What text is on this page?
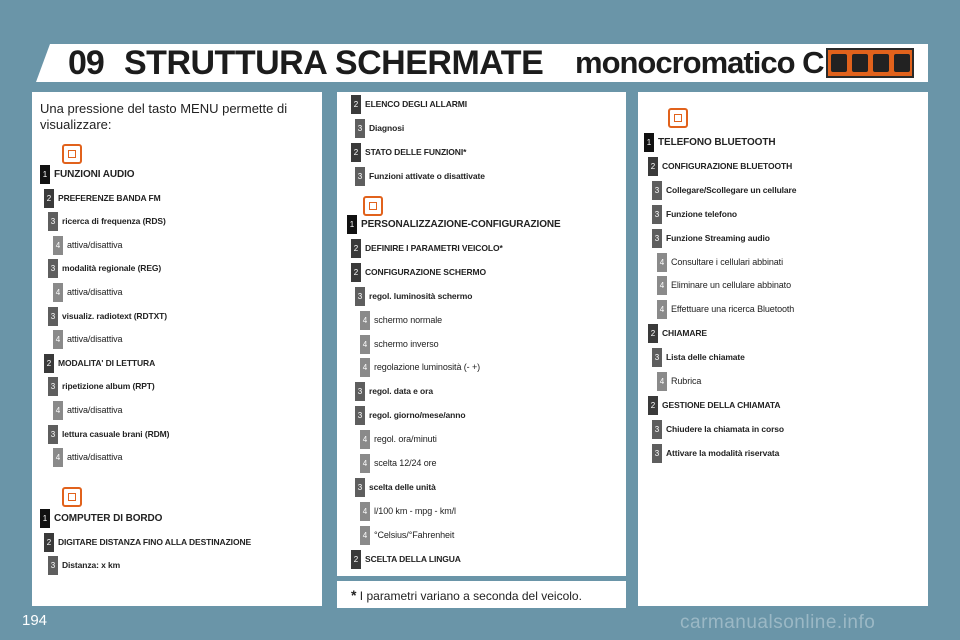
09 STRUTTURA SCHERMATE monocromatico C
Una pressione del tasto MENU permette di visualizzare:
1 FUNZIONI AUDIO
2 PREFERENZE BANDA FM
3 ricerca di frequenza (RDS)
4 attiva/disattiva
3 modalità regionale (REG)
4 attiva/disattiva
3 visualiz. radiotext (RDTXT)
4 attiva/disattiva
2 MODALITA' DI LETTURA
3 ripetizione album (RPT)
4 attiva/disattiva
3 lettura casuale brani (RDM)
4 attiva/disattiva
1 COMPUTER DI BORDO
2 DIGITARE DISTANZA FINO ALLA DESTINAZIONE
3 Distanza: x km
2 ELENCO DEGLI ALLARMI
3 Diagnosi
2 STATO DELLE FUNZIONI*
3 Funzioni attivate o disattivate
1 PERSONALIZZAZIONE-CONFIGURAZIONE
2 DEFINIRE I PARAMETRI VEICOLO*
2 CONFIGURAZIONE SCHERMO
3 regol. luminosità schermo
4 schermo normale
4 schermo inverso
4 regolazione luminosità (- +)
3 regol. data e ora
3 regol. giorno/mese/anno
4 regol. ora/minuti
4 scelta 12/24 ore
3 scelta delle unità
4 l/100 km - mpg - km/l
4 °Celsius/°Fahrenheit
2 SCELTA DELLA LINGUA
1 TELEFONO BLUETOOTH
2 CONFIGURAZIONE BLUETOOTH
3 Collegare/Scollegare un cellulare
3 Funzione telefono
3 Funzione Streaming audio
4 Consultare i cellulari abbinati
4 Eliminare un cellulare abbinato
4 Effettuare una ricerca Bluetooth
2 CHIAMARE
3 Lista delle chiamate
4 Rubrica
2 GESTIONE DELLA CHIAMATA
3 Chiudere la chiamata in corso
3 Attivare la modalità riservata
* I parametri variano a seconda del veicolo.
194	carmanualsonline.info
